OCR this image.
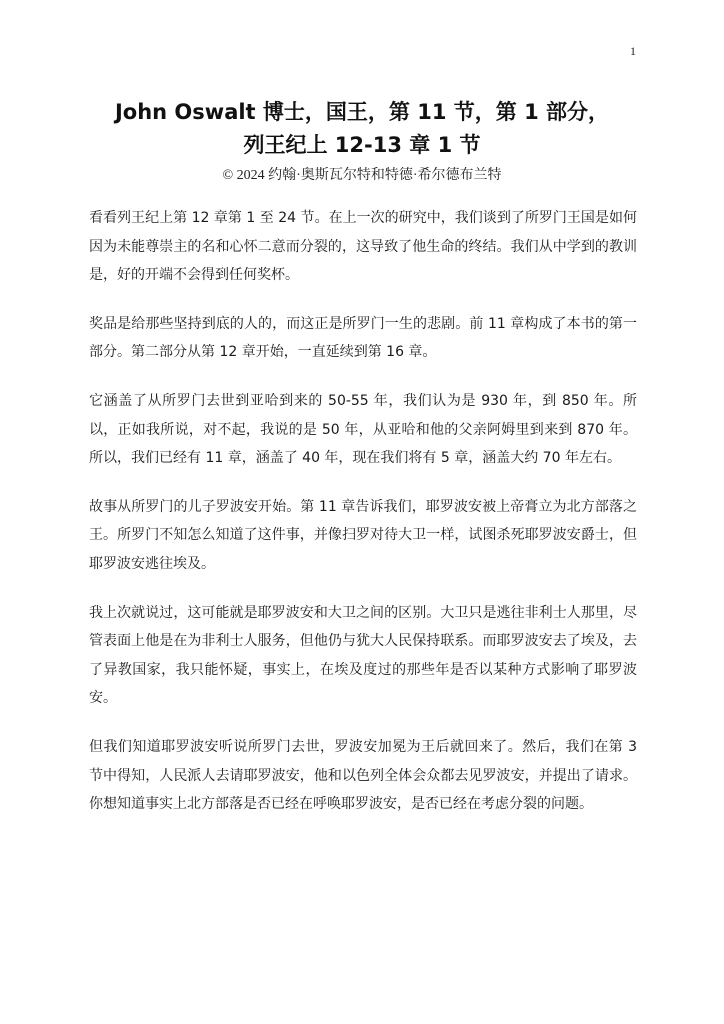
1
John Oswalt 博士，国王，第 11 节，第 1 部分，
列王纪上 12-13 章 1 节
© 2024 约翰·奥斯瓦尔特和特德·希尔德布兰特

看看列王纪上第 12 章第 1 至 24 节。在上一次的研究中，我们谈到了所罗门王国是如何因为未能尊崇主的名和心怀二意而分裂的，这导致了他生命的终结。我们从中学到的教训是，好的开端不会得到任何奖杯。

奖品是给那些坚持到底的人的，而这正是所罗门一生的悲剧。前 11 章构成了本书的第一部分。第二部分从第 12 章开始，一直延续到第 16 章。

它涵盖了从所罗门去世到亚哈到来的 50-55 年，我们认为是 930 年，到 850 年。所以，正如我所说，对不起，我说的是 50 年，从亚哈和他的父亲阿姆里到来到 870 年。所以，我们已经有 11 章，涵盖了 40 年，现在我们将有 5 章，涵盖大约 70 年左右。

故事从所罗门的儿子罗波安开始。第 11 章告诉我们，耶罗波安被上帝膏立为北方部落之王。所罗门不知怎么知道了这件事，并像扫罗对待大卫一样，试图杀死耶罗波安爵士，但耶罗波安逃往埃及。

我上次就说过，这可能就是耶罗波安和大卫之间的区别。大卫只是逃往非利士人那里，尽管表面上他是在为非利士人服务，但他仍与犹大人民保持联系。而耶罗波安去了埃及，去了异教国家，我只能怀疑，事实上，在埃及度过的那些年是否以某种方式影响了耶罗波安。

但我们知道耶罗波安听说所罗门去世，罗波安加冕为王后就回来了。然后，我们在第 3 节中得知，人民派人去请耶罗波安，他和以色列全体会众都去见罗波安，并提出了请求。你想知道事实上北方部落是否已经在呼唤耶罗波安，是否已经在考虑分裂的问题。
